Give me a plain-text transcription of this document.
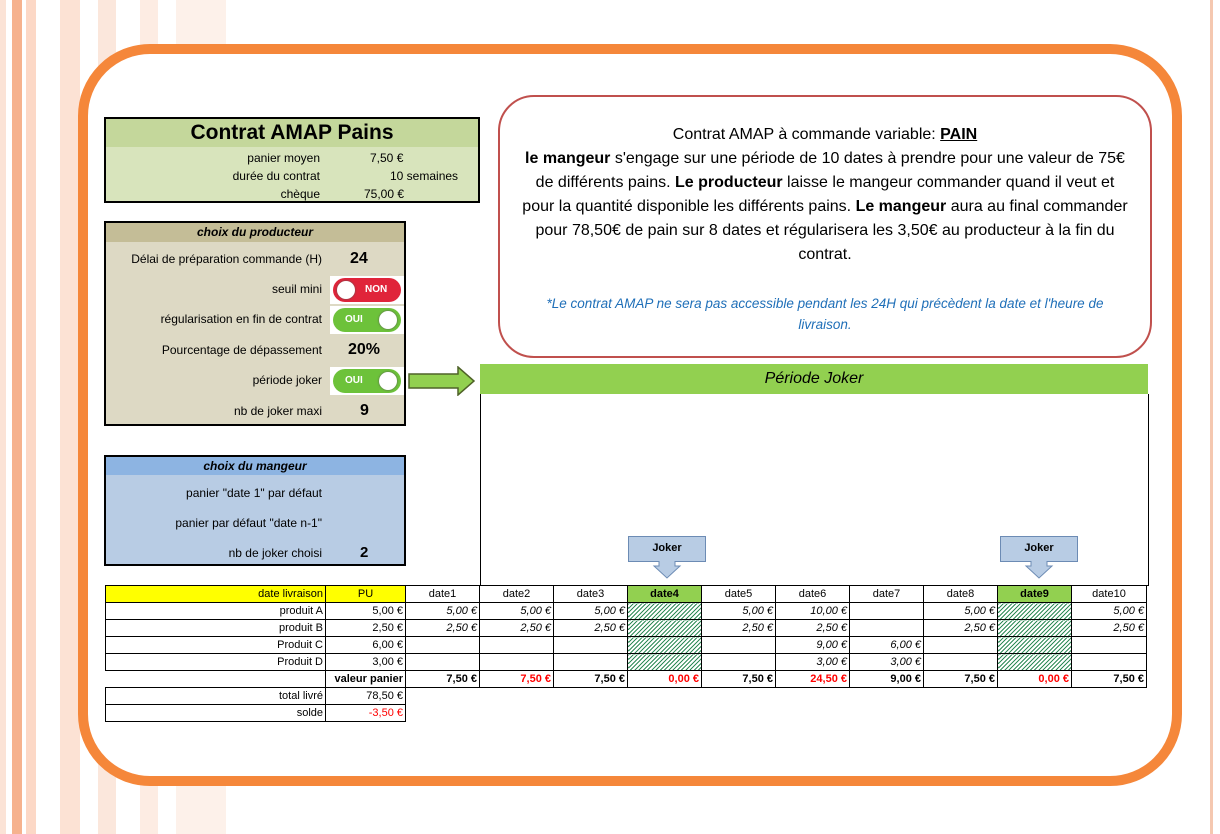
Contrat AMAP Pains
panier moyen	7,50 €
durée du contrat	10 semaines
chèque	75,00 €
choix du producteur
Délai de préparation commande (H) 24
seuil mini	NON
régularisation en fin de contrat OUI
Pourcentage de dépassement 20%
période joker OUI
nb de joker maxi 9
choix du mangeur
panier "date 1" par défaut
panier par défaut "date n-1"
nb de joker choisi	2
Contrat AMAP à commande variable: PAIN
le mangeur s'engage sur une période de 10 dates à prendre pour une valeur de 75€ de différents pains. Le producteur laisse le mangeur commander quand il veut et pour la quantité disponible les différents pains. Le mangeur aura au final commander pour 78,50€ de pain sur 8 dates et régularisera les 3,50€ au producteur à la fin du contrat.
*Le contrat AMAP ne sera pas accessible pendant les 24H qui précèdent la date et l'heure de livraison.
Période Joker
Joker	Joker
date livraison	PU	date1	date2	date3	date4	date5	date6	date7	date8	date9	date10
produit A	5,00 €	5,00 €	5,00 €	5,00 €		5,00 €	10,00 €		5,00 €		5,00 €
produit B	2,50 €	2,50 €	2,50 €	2,50 €		2,50 €	2,50 €		2,50 €		2,50 €
Produit C	6,00 €						9,00 €	6,00 €			
Produit D	3,00 €						3,00 €	3,00 €			
	valeur panier	7,50 €	7,50 €	7,50 €	0,00 €	7,50 €	24,50 €	9,00 €	7,50 €	0,00 €	7,50 €
total livré	78,50 €										
solde	-3,50 €										
